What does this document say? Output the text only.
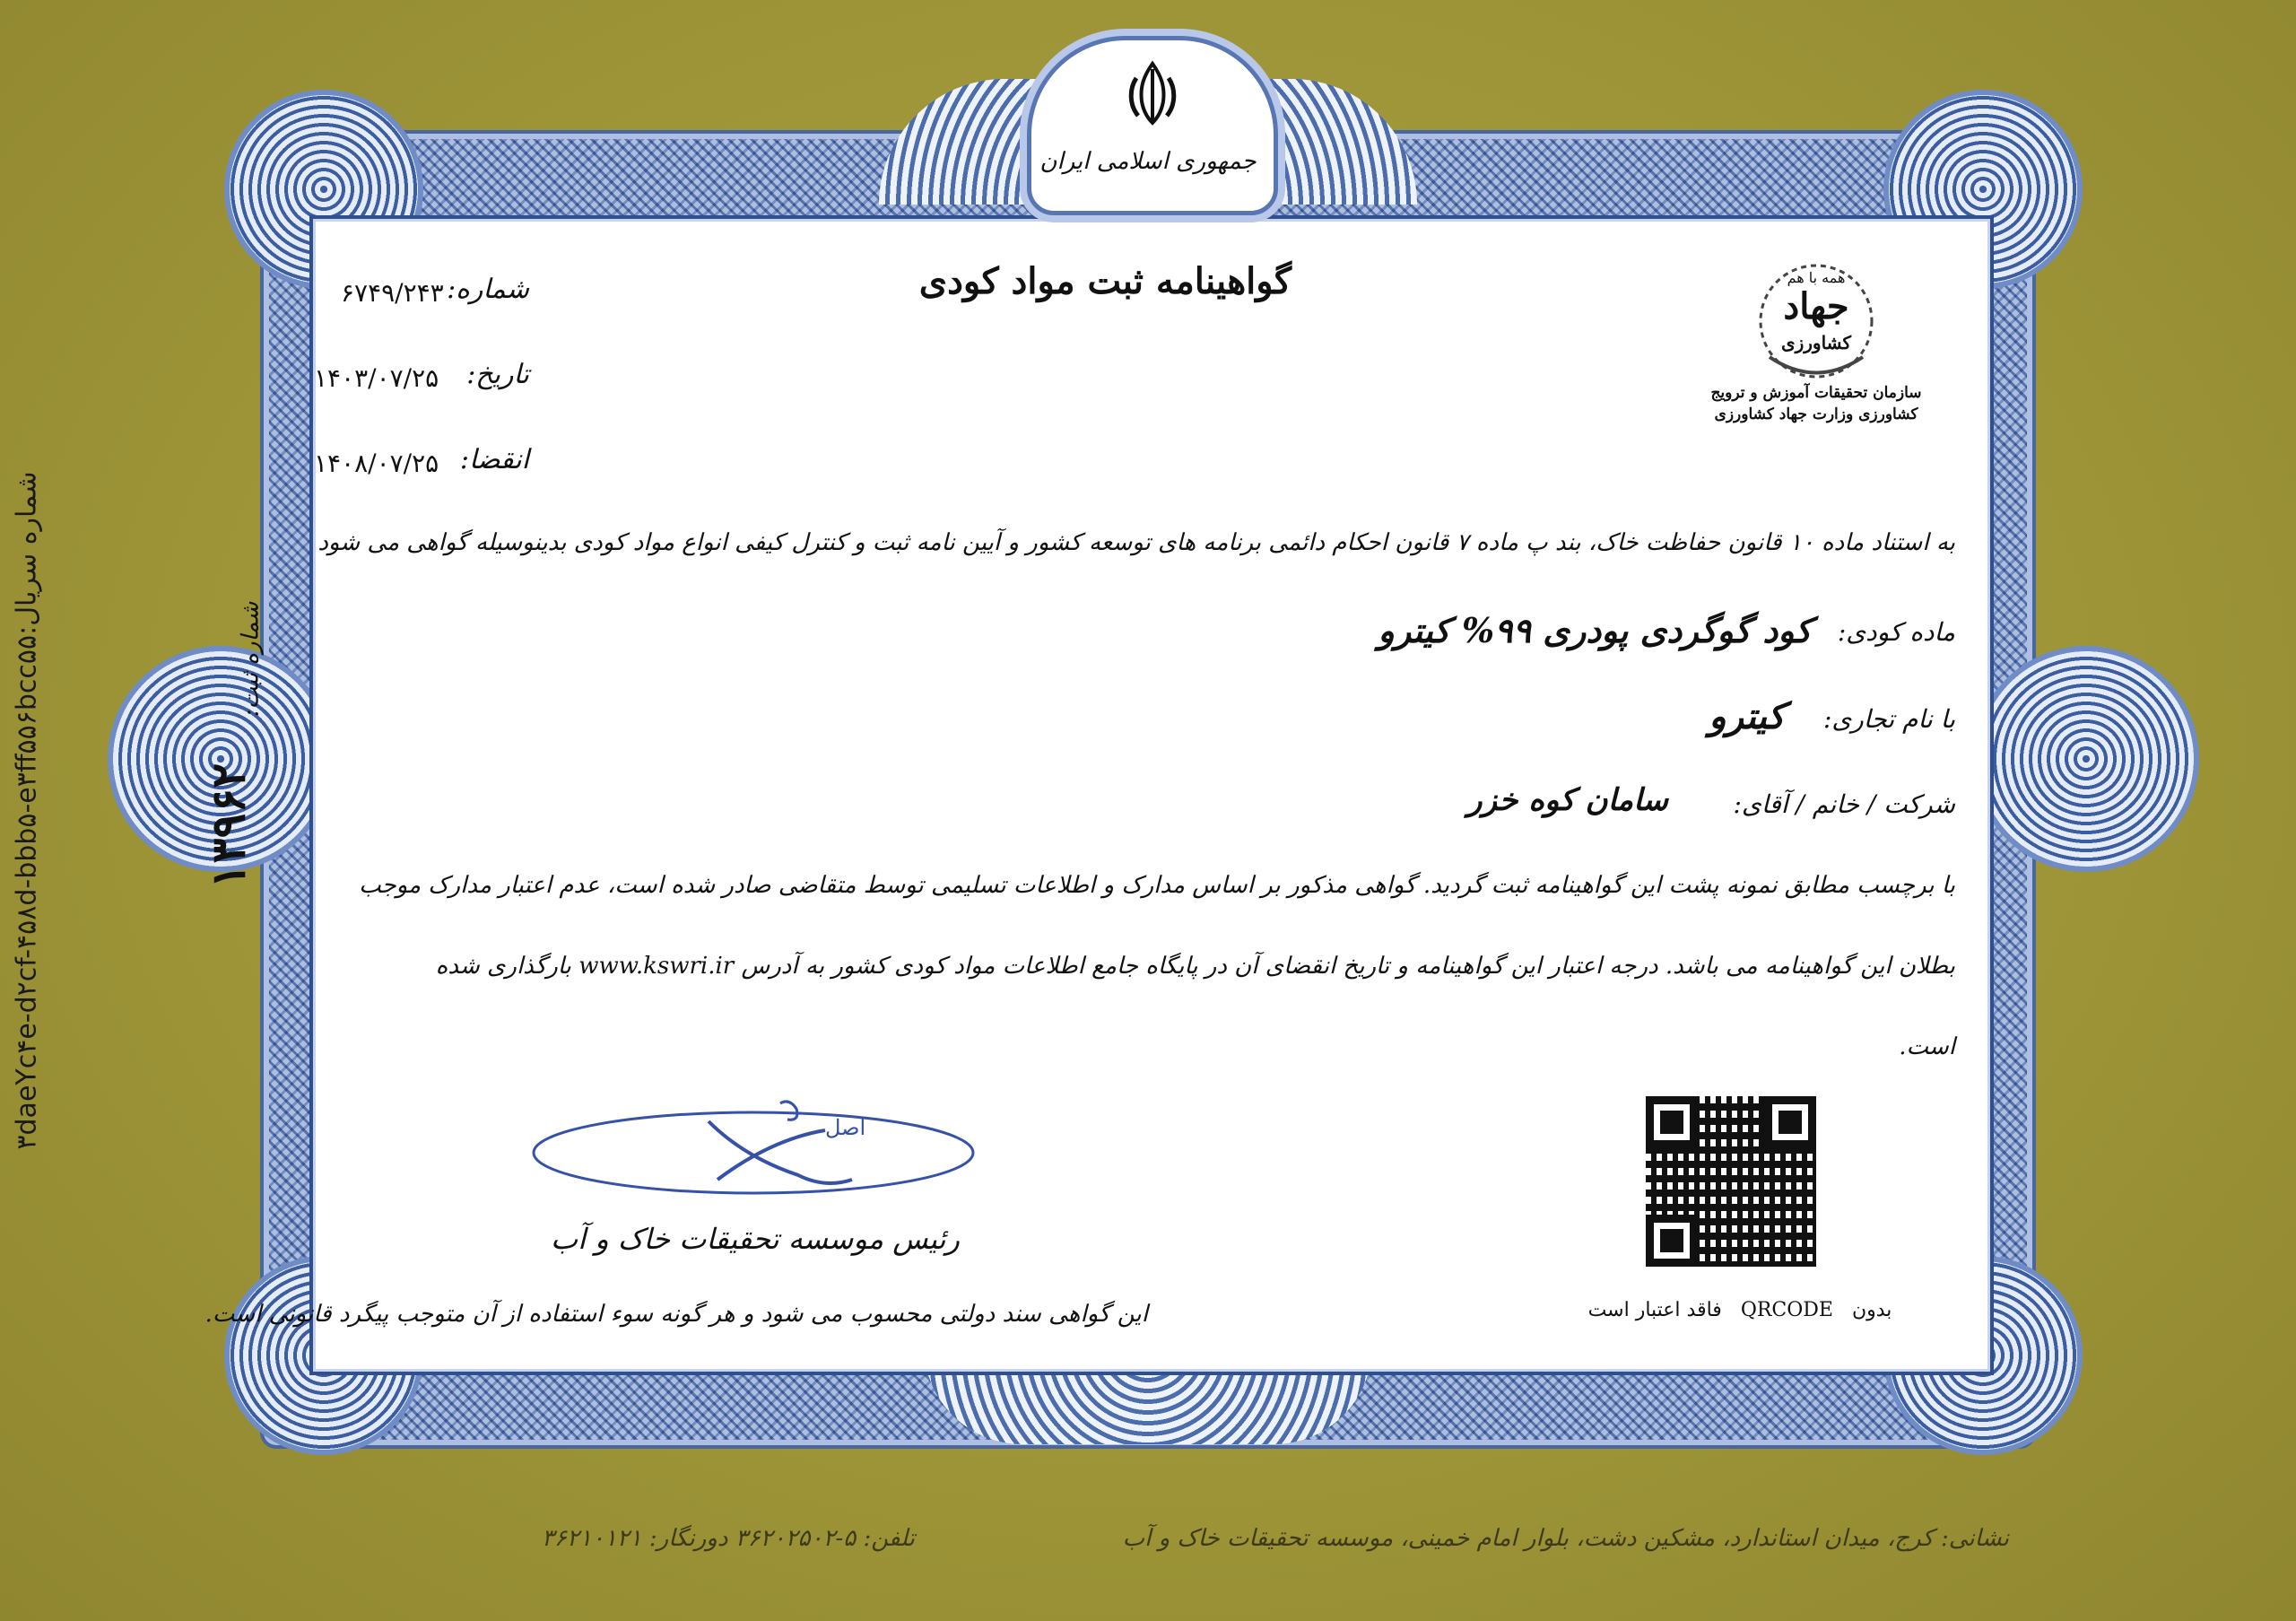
شماره سریال:۳daeYc۴e-d۲cf-۴۵۸d-bbb۵-e۳ff۵۵۶bcc۵۵
جمهوری اسلامی ایران
گواهینامه ثبت مواد کودی
شماره:
۶۷۴۹/۲۴۳
تاریخ:
۱۴۰۳/۰۷/۲۵
انقضا:
۱۴۰۸/۰۷/۲۵
همه با هم
جهاد
کشاورزی
سازمان تحقیقات آموزش و ترویج
کشاورزی وزارت جهاد کشاورزی
شماره ثبت:
۱۳۹۶۲
به استناد ماده ۱۰ قانون حفاظت خاک، بند پ ماده ۷ قانون احکام دائمی برنامه های توسعه کشور و آیین نامه ثبت و کنترل کیفی انواع مواد کودی بدینوسیله گواهی می شود
ماده کودی:
کود گوگردی پودری ۹۹% کیترو
با نام تجاری:
کیترو
شرکت / خانم / آقای:
سامان کوه خزر
با برچسب مطابق نمونه پشت این گواهینامه ثبت گردید. گواهی مذکور بر اساس مدارک و اطلاعات تسلیمی توسط متقاضی صادر شده است، عدم اعتبار مدارک موجب
بطلان این گواهینامه می باشد. درجه اعتبار این گواهینامه و تاریخ انقضای آن در پایگاه جامع اطلاعات مواد کودی کشور به آدرس www.kswri.ir بارگذاری شده
است.
اصل
رئیس موسسه تحقیقات خاک و آب
این گواهی سند دولتی محسوب می شود و هر گونه سوء استفاده از آن متوجب پیگرد قانونی است.	بدون   QRCODE   فاقد اعتبار است
نشانی: کرج، میدان استاندارد، مشکین دشت، بلوار امام خمینی، موسسه تحقیقات خاک و آب
تلفن: ۵-۳۶۲۰۲۵۰۲ دورنگار: ۳۶۲۱۰۱۲۱
